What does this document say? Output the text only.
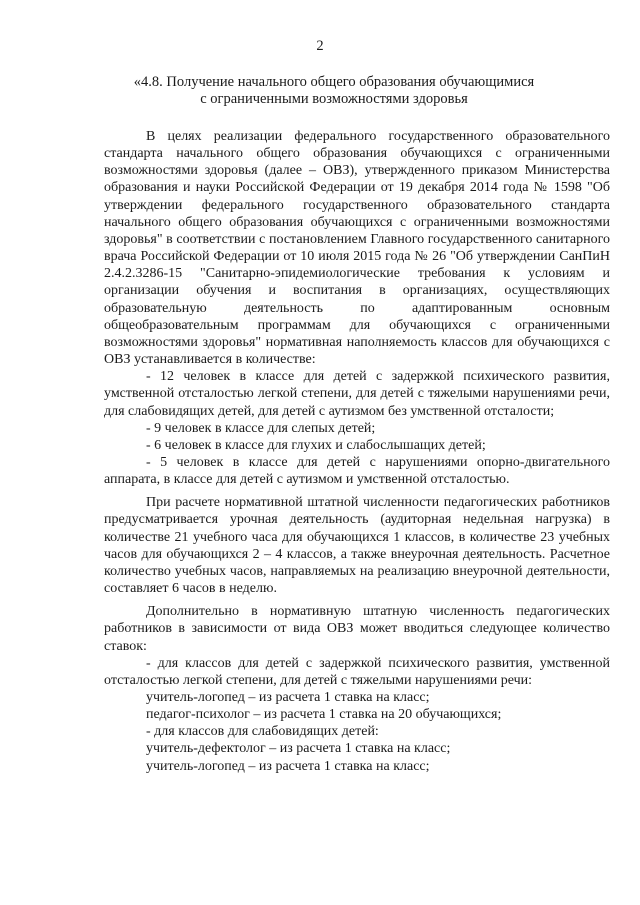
2
«4.8. Получение начального общего образования обучающимися
с ограниченными возможностями здоровья

В целях реализации федерального государственного образовательного стандарта начального общего образования обучающихся с ограниченными возможностями здоровья (далее – ОВЗ), утвержденного приказом Министерства образования и науки Российской Федерации от 19 декабря 2014 года № 1598 "Об утверждении федерального государственного образовательного стандарта начального общего образования обучающихся с ограниченными возможностями здоровья" в соответствии с постановлением Главного государственного санитарного врача Российской Федерации от 10 июля 2015 года № 26 "Об утверждении СанПиН 2.4.2.3286-15 "Санитарно-эпидемиологические требования к условиям и организации обучения и воспитания в организациях, осуществляющих образовательную деятельность по адаптированным основным общеобразовательным программам для обучающихся с ограниченными возможностями здоровья" нормативная наполняемость классов для обучающихся с ОВЗ устанавливается в количестве:

- 12 человек в классе для детей с задержкой психического развития, умственной отсталостью легкой степени, для детей с тяжелыми нарушениями речи, для слабовидящих детей, для детей с аутизмом без умственной отсталости;

- 9 человек в классе для слепых детей;

- 6 человек в классе для глухих и слабослышащих детей;

- 5 человек в классе для детей с нарушениями опорно-двигательного аппарата, в классе для детей с аутизмом и умственной отсталостью.

При расчете нормативной штатной численности педагогических работников предусматривается урочная деятельность (аудиторная недельная нагрузка) в количестве 21 учебного часа для обучающихся 1 классов, в количестве 23 учебных часов для обучающихся 2 – 4 классов, а также внеурочная деятельность. Расчетное количество учебных часов, направляемых на реализацию внеурочной деятельности, составляет 6 часов в неделю.

Дополнительно в нормативную штатную численность педагогических работников в зависимости от вида ОВЗ может вводиться следующее количество ставок:

- для классов для детей с задержкой психического развития, умственной отсталостью легкой степени, для детей с тяжелыми нарушениями речи:

учитель-логопед – из расчета 1 ставка на класс;

педагог-психолог – из расчета 1 ставка на 20 обучающихся;

- для классов для слабовидящих детей:

учитель-дефектолог – из расчета 1 ставка на класс;

учитель-логопед – из расчета 1 ставка на класс;
